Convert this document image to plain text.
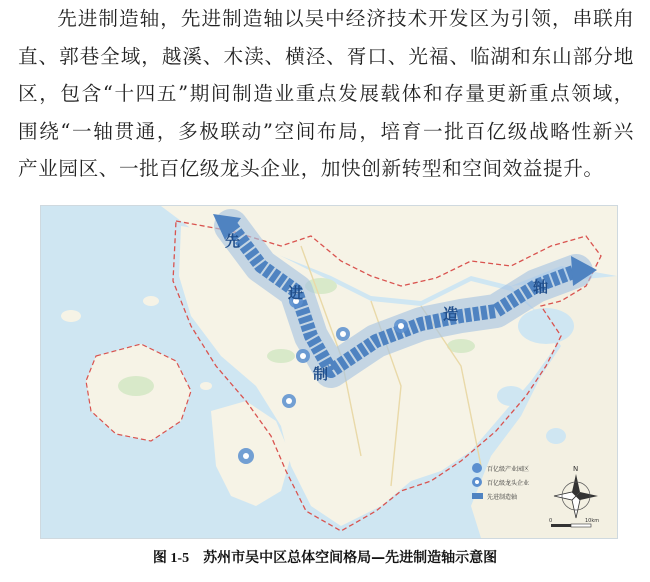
先进制造轴，先进制造轴以吴中经济技术开发区为引领，串联甪

直、郭巷全域，越溪、木渎、横泾、胥口、光福、临湖和东山部分地

区，包含“十四五”期间制造业重点发展载体和存量更新重点领域，

围绕“一轴贯通，多极联动”空间布局，培育一批百亿级战略性新兴

产业园区、一批百亿级龙头企业，加快创新转型和空间效益提升。

先
进
制
造
轴
N
0	10km
百亿级产业园区
百亿级龙头企业
先进制造轴
图 1-5 苏州市吴中区总体空间格局—先进制造轴示意图
